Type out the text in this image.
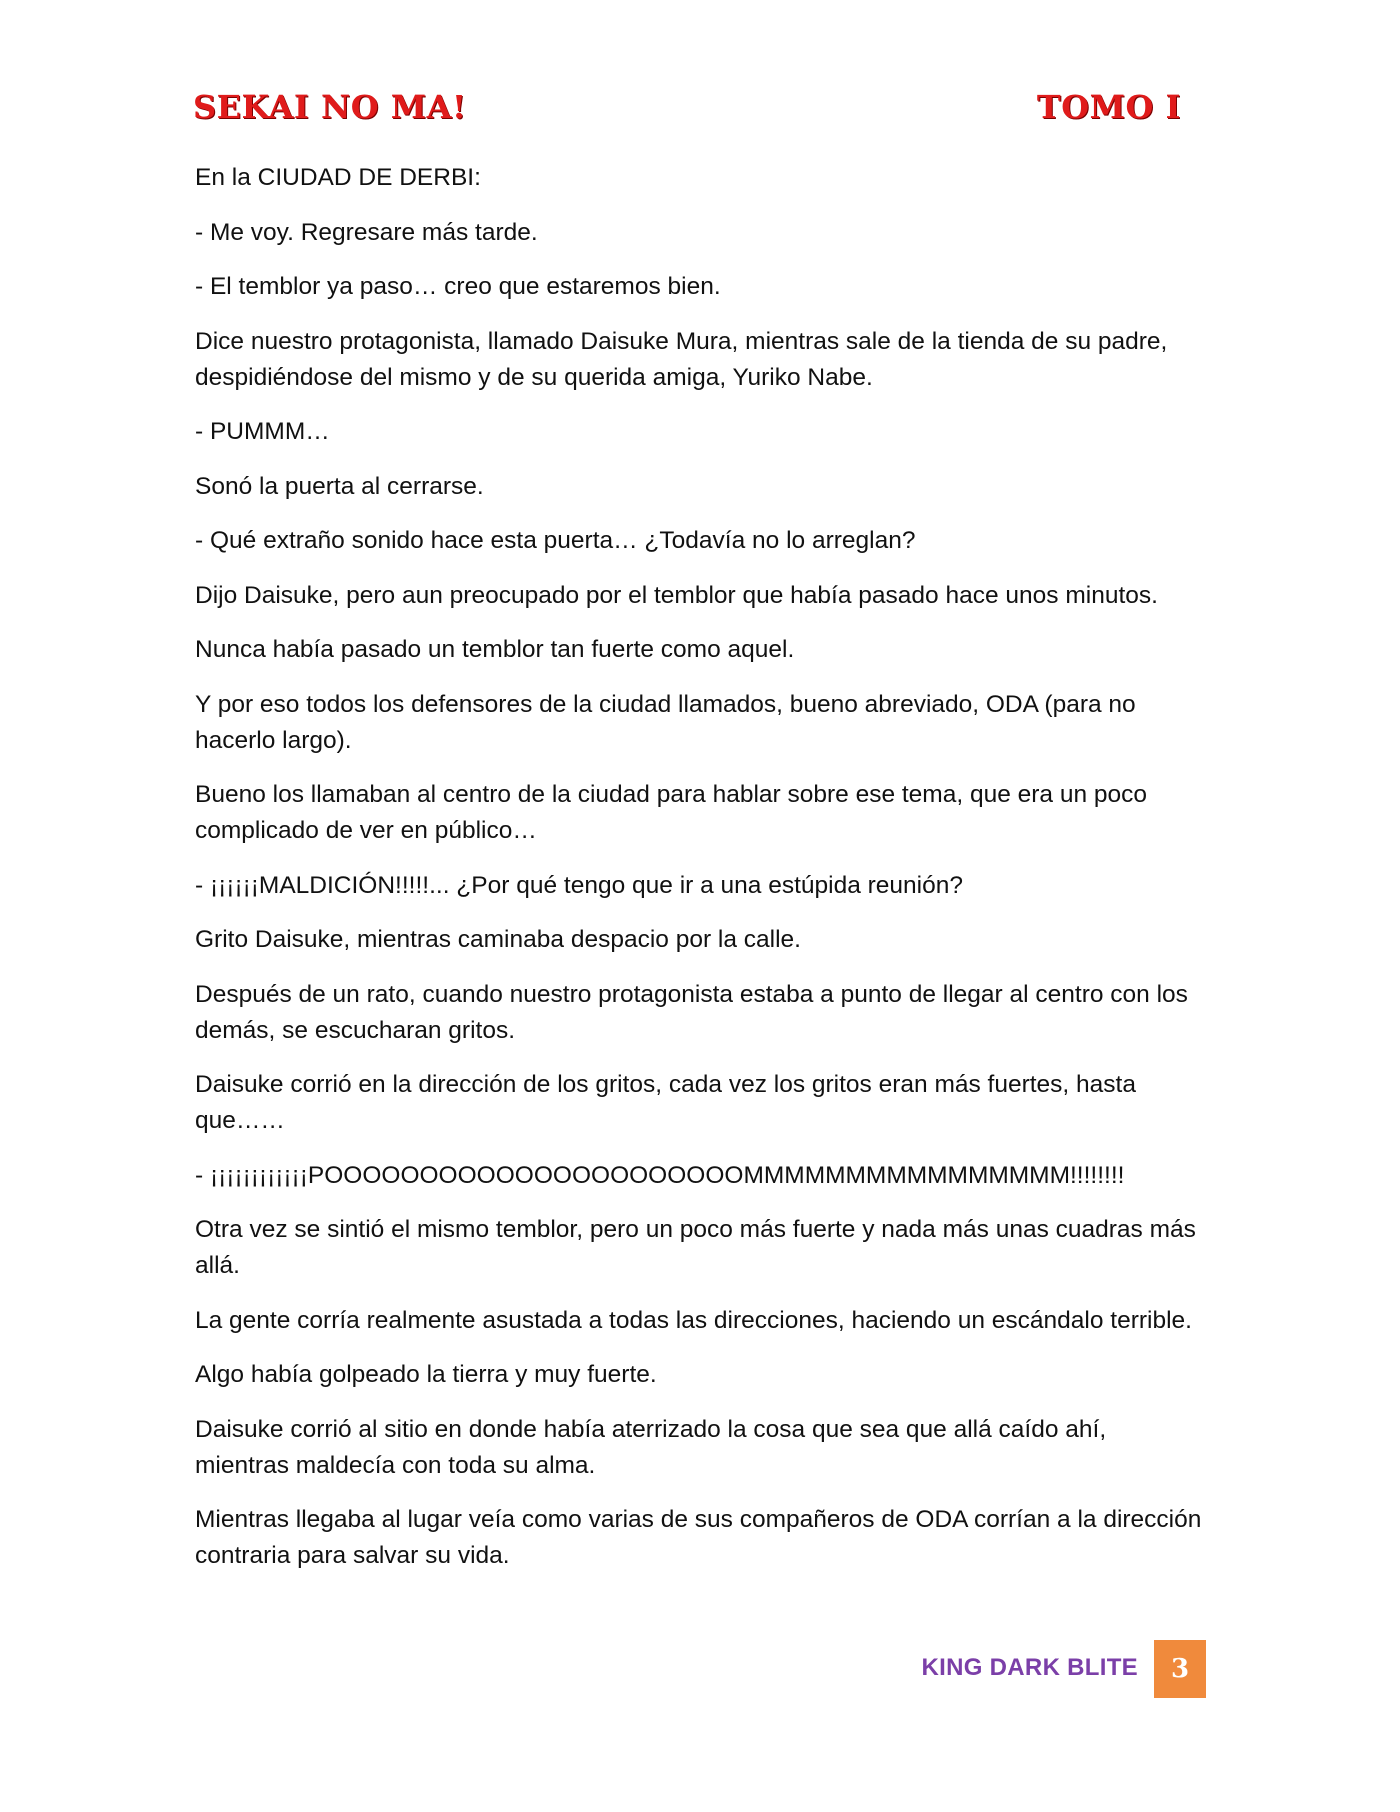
SEKAI NO MA!	TOMO I

En la CIUDAD DE DERBI:

- Me voy. Regresare más tarde.

- El temblor ya paso… creo que estaremos bien.

Dice nuestro protagonista, llamado Daisuke Mura, mientras sale de la tienda de su padre, despidiéndose del mismo y de su querida amiga, Yuriko Nabe.

- PUMMM…

Sonó la puerta al cerrarse.

- Qué extraño sonido hace esta puerta… ¿Todavía no lo arreglan?

Dijo Daisuke, pero aun preocupado por el temblor que había pasado hace unos minutos.

Nunca había pasado un temblor tan fuerte como aquel.

Y por eso todos los defensores de la ciudad llamados, bueno abreviado, ODA (para no hacerlo largo).

Bueno los llamaban al centro de la ciudad para hablar sobre ese tema, que era un poco complicado de ver en público…

- ¡¡¡¡¡¡MALDICIÓN!!!!!... ¿Por qué tengo que ir a una estúpida reunión?

Grito Daisuke, mientras caminaba despacio por la calle.

Después de un rato, cuando nuestro protagonista estaba a punto de llegar al centro con los demás, se escucharan gritos.

Daisuke corrió en la dirección de los gritos, cada vez los gritos eran más fuertes, hasta que……

- ¡¡¡¡¡¡¡¡¡¡¡¡POOOOOOOOOOOOOOOOOOOOOOMMMMMMMMMMMMMMMM!!!!!!!!

Otra vez se sintió el mismo temblor, pero un poco más fuerte y nada más unas cuadras más allá.

La gente corría realmente asustada a todas las direcciones, haciendo un escándalo terrible.

Algo había golpeado la tierra y muy fuerte.

Daisuke corrió al sitio en donde había aterrizado la cosa que sea que allá caído ahí, mientras maldecía con toda su alma.

Mientras llegaba al lugar veía como varias de sus compañeros de ODA corrían a la dirección contraria para salvar su vida.

KING DARK BLITE	3
